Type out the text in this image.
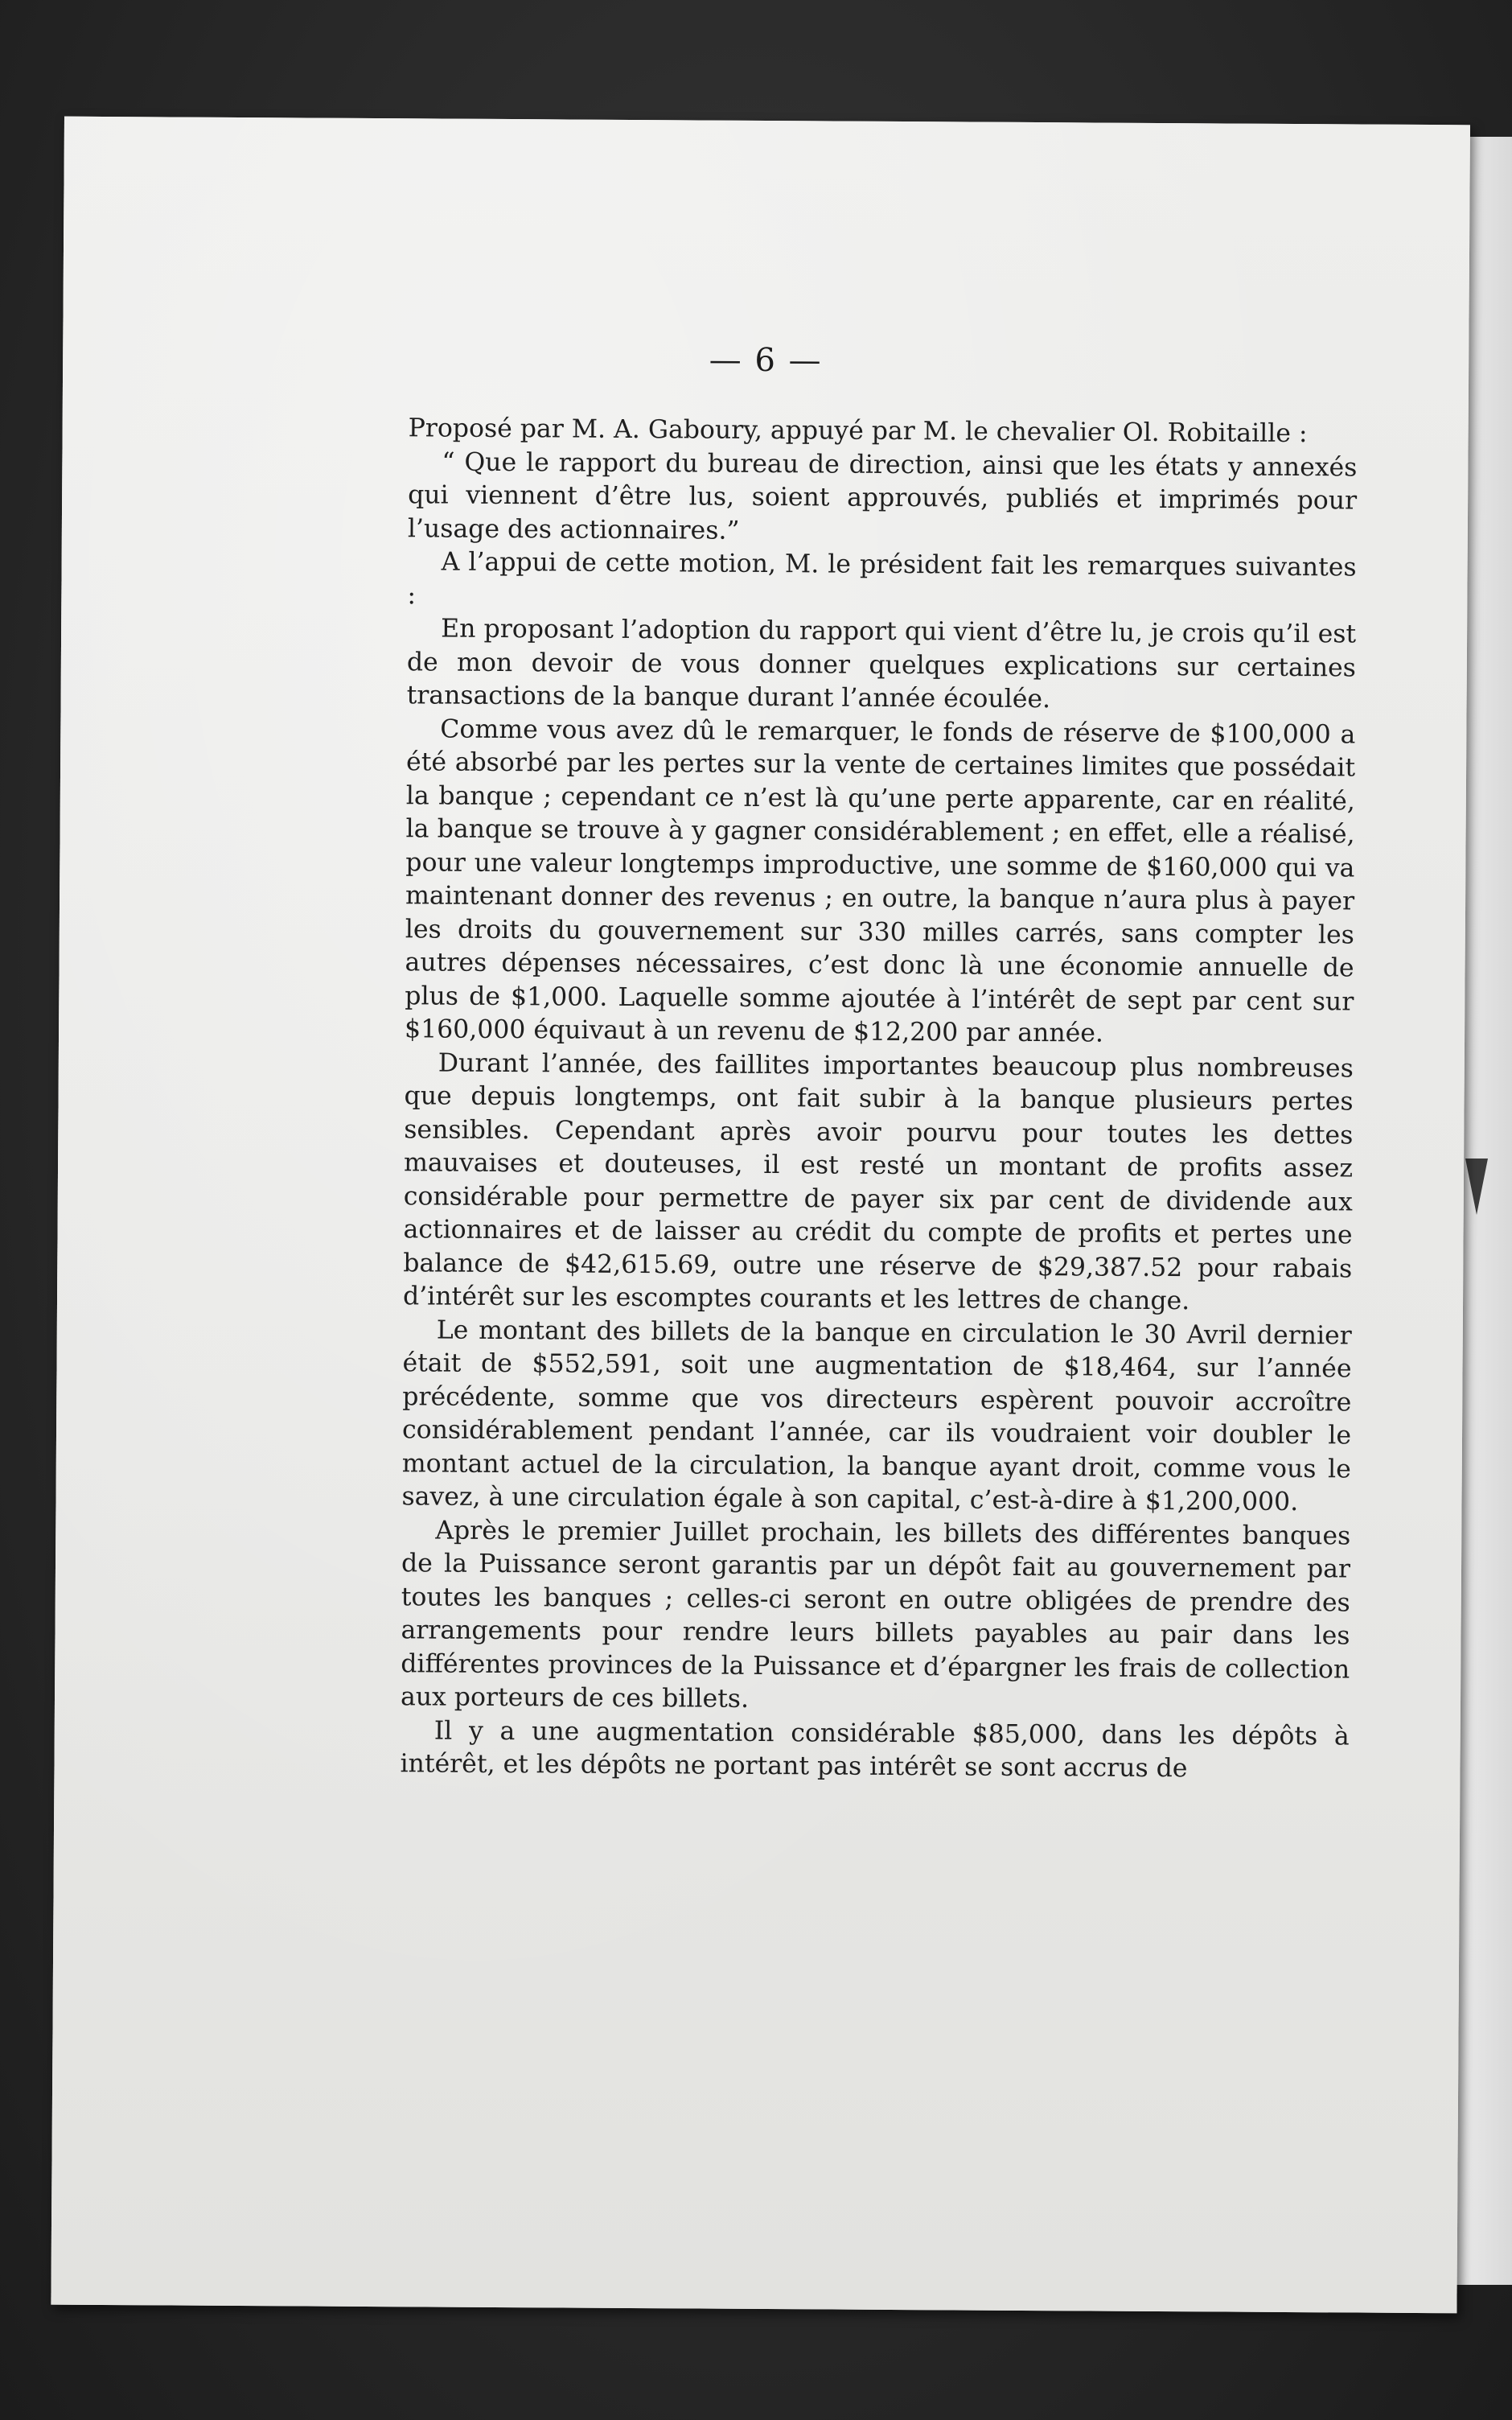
— 6 —

Proposé par M. A. Gaboury, appuyé par M. le chevalier Ol. Robitaille :

“ Que le rapport du bureau de direction, ainsi que les états y annexés qui viennent d’être lus, soient approuvés, publiés et imprimés pour l’usage des actionnaires.”

A l’appui de cette motion, M. le président fait les remarques suivantes :

En proposant l’adoption du rapport qui vient d’être lu, je crois qu’il est de mon devoir de vous donner quelques explications sur certaines transactions de la banque durant l’année écoulée.

Comme vous avez dû le remarquer, le fonds de réserve de $100,000 a été absorbé par les pertes sur la vente de certaines limites que possédait la banque ; cependant ce n’est là qu’une perte apparente, car en réalité, la banque se trouve à y gagner considérablement ; en effet, elle a réalisé, pour une valeur longtemps improductive, une somme de $160,000 qui va maintenant donner des revenus ; en outre, la banque n’aura plus à payer les droits du gouvernement sur 330 milles carrés, sans compter les autres dépenses nécessaires, c’est donc là une économie annuelle de plus de $1,000. Laquelle somme ajoutée à l’intérêt de sept par cent sur $160,000 équivaut à un revenu de $12,200 par année.

Durant l’année, des faillites importantes beaucoup plus nombreuses que depuis longtemps, ont fait subir à la banque plusieurs pertes sensibles. Cependant après avoir pourvu pour toutes les dettes mauvaises et douteuses, il est resté un montant de profits assez considérable pour permettre de payer six par cent de dividende aux actionnaires et de laisser au crédit du compte de profits et pertes une balance de $42,615.69, outre une réserve de $29,387.52 pour rabais d’intérêt sur les escomptes courants et les lettres de change.

Le montant des billets de la banque en circulation le 30 Avril dernier était de $552,591, soit une augmentation de $18,464, sur l’année précédente, somme que vos directeurs espèrent pouvoir accroître considérablement pendant l’année, car ils voudraient voir doubler le montant actuel de la circulation, la banque ayant droit, comme vous le savez, à une circulation égale à son capital, c’est-à-dire à $1,200,000.

Après le premier Juillet prochain, les billets des différentes banques de la Puissance seront garantis par un dépôt fait au gouvernement par toutes les banques ; celles-ci seront en outre obligées de prendre des arrangements pour rendre leurs billets payables au pair dans les différentes provinces de la Puissance et d’épargner les frais de collection aux porteurs de ces billets.

Il y a une augmentation considérable $85,000, dans les dépôts à intérêt, et les dépôts ne portant pas intérêt se sont accrus de
